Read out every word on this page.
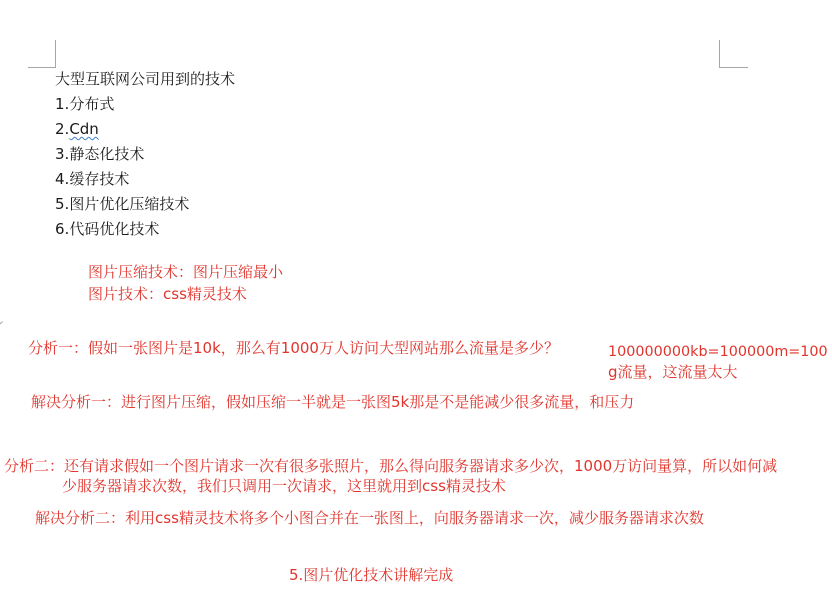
大型互联网公司用到的技术
1.分布式
2.Cdn
3.静态化技术
4.缓存技术
5.图片优化压缩技术
6.代码优化技术
图片压缩技术：图片压缩最小
图片技术：css精灵技术
分析一：假如一张图片是10k，那么有1000万人访问大型网站那么流量是多少？	100000000kb=100000m=100
g流量，这流量太大
解决分析一：进行图片压缩，假如压缩一半就是一张图5k那是不是能减少很多流量，和压力
分析二：还有请求假如一个图片请求一次有很多张照片，那么得向服务器请求多少次，1000万访问量算，所以如何减
少服务器请求次数，我们只调用一次请求，这里就用到css精灵技术
解决分析二：利用css精灵技术将多个小图合并在一张图上，向服务器请求一次，减少服务器请求次数
5.图片优化技术讲解完成
